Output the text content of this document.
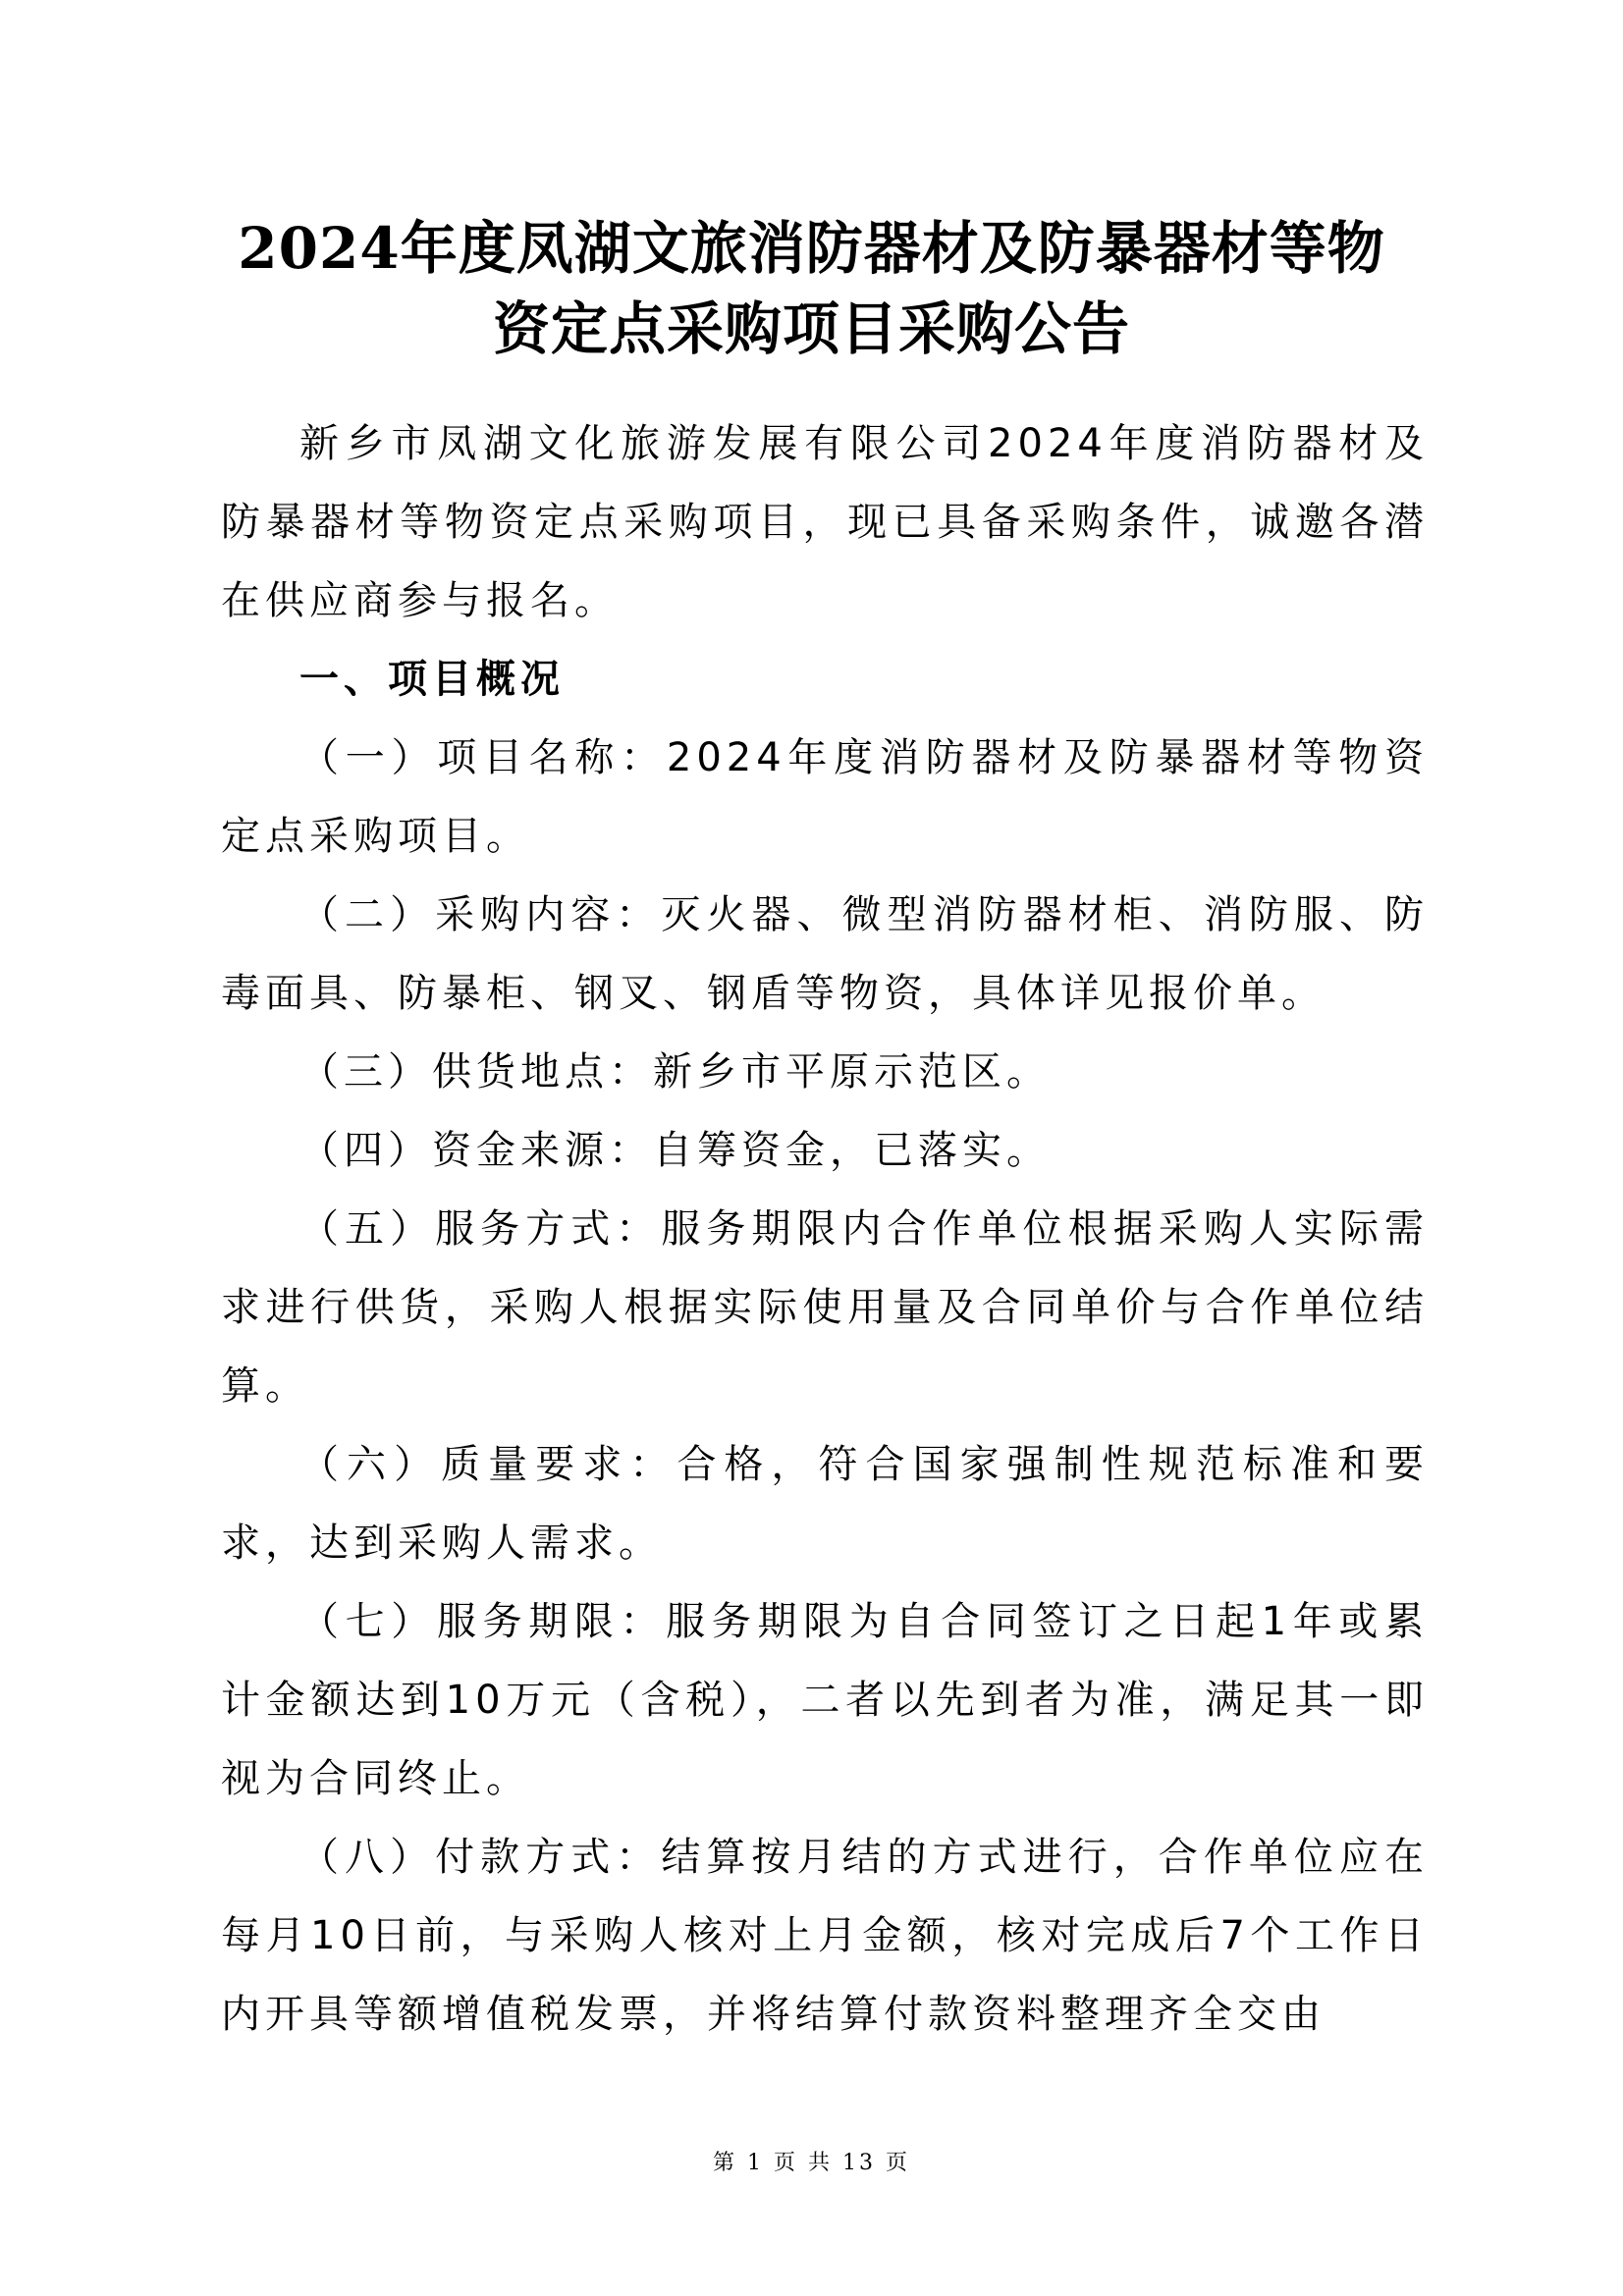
2024年度凤湖文旅消防器材及防暴器材等物
资定点采购项目采购公告

新乡市凤湖文化旅游发展有限公司2024年度消防器材及防暴器材等物资定点采购项目，现已具备采购条件，诚邀各潜在供应商参与报名。

一、项目概况

（一）项目名称：2024年度消防器材及防暴器材等物资定点采购项目。

（二）采购内容：灭火器、微型消防器材柜、消防服、防毒面具、防暴柜、钢叉、钢盾等物资，具体详见报价单。

（三）供货地点：新乡市平原示范区。

（四）资金来源：自筹资金，已落实。

（五）服务方式：服务期限内合作单位根据采购人实际需求进行供货，采购人根据实际使用量及合同单价与合作单位结算。

（六）质量要求：合格，符合国家强制性规范标准和要求，达到采购人需求。

（七）服务期限：服务期限为自合同签订之日起1年或累计金额达到10万元（含税），二者以先到者为准，满足其一即视为合同终止。

（八）付款方式：结算按月结的方式进行，合作单位应在每月10日前，与采购人核对上月金额，核对完成后7个工作日内开具等额增值税发票，并将结算付款资料整理齐全交由

第 1 页 共 13 页
